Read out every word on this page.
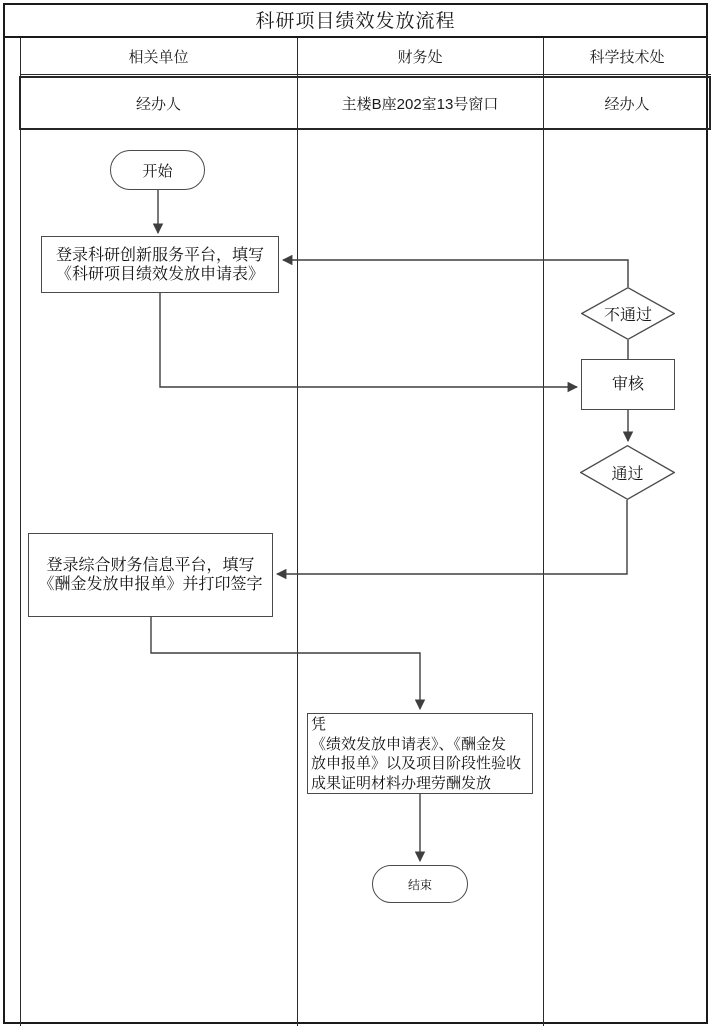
科研项目绩效发放流程
相关单位	财务处	科学技术处
经办人	主楼B座202室13号窗口	经办人
开始
登录科研创新服务平台，填写
《科研项目绩效发放申请表》
不通过
审核
通过
登录综合财务信息平台，填写
《酬金发放申报单》并打印签字
凭
《绩效发放申请表》、《酬金发
放申报单》以及项目阶段性验收
成果证明材料办理劳酬发放
结束
